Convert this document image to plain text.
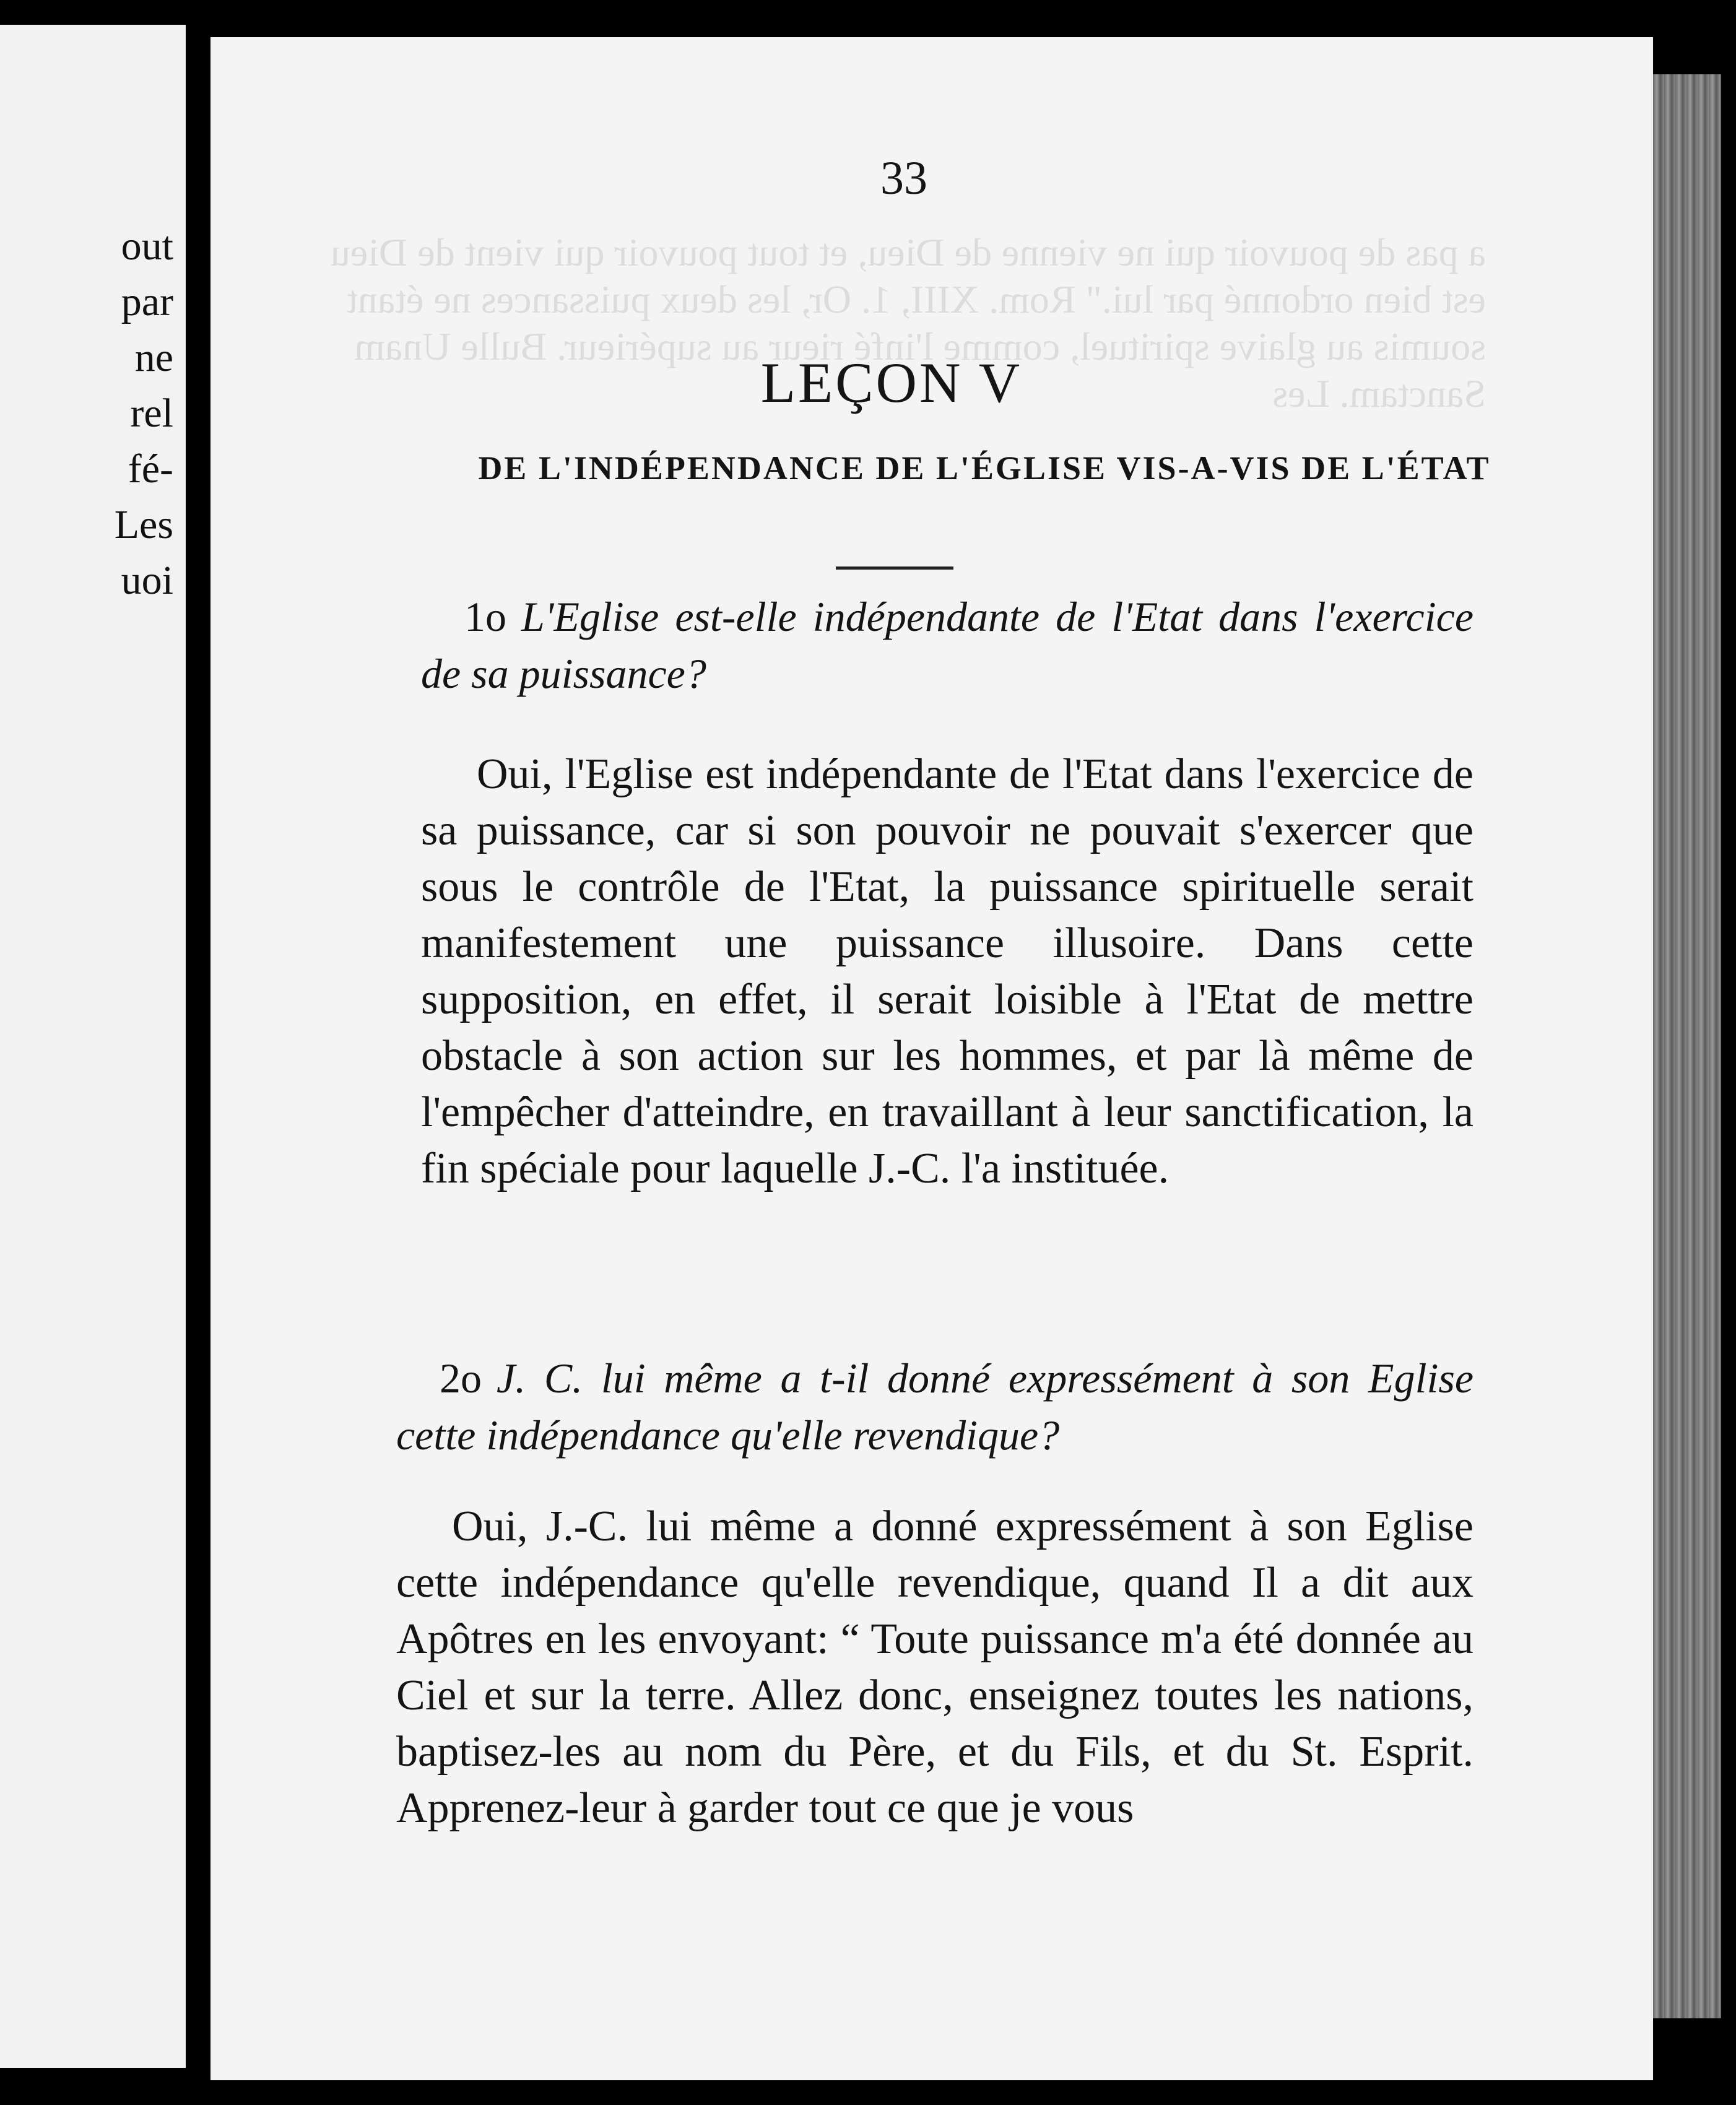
out
par
ne
rel
fé-
Les
uoi
a pas de pouvoir qui ne vienne de Dieu, et tout pouvoir qui vient de Dieu est bien ordonné par lui." Rom. XIII, 1. Or, les deux puissances ne étant soumis au glaive spirituel, comme l'infé rieur au supérieur. Bulle Unam Sanctam. Les
33
LEÇON V
DE L'INDÉPENDANCE DE L'ÉGLISE VIS-A-VIS DE L'ÉTAT
1o L'Eglise est-elle indépendante de l'Etat dans l'exercice de sa puissance?
Oui, l'Eglise est indépendante de l'Etat dans l'exercice de sa puissance, car si son pouvoir ne pouvait s'exercer que sous le contrôle de l'Etat, la puissance spirituelle serait manifestement une puissance illusoire. Dans cette supposition, en effet, il serait loisible à l'Etat de mettre obstacle à son action sur les hommes, et par là même de l'empêcher d'atteindre, en travaillant à leur sanctification, la fin spéciale pour laquelle J.-C. l'a instituée.
2o J. C. lui même a t-il donné expressément à son Eglise cette indépendance qu'elle revendique?
Oui, J.-C. lui même a donné expressément à son Eglise cette indépendance qu'elle revendique, quand Il a dit aux Apôtres en les envoyant: “ Toute puissance m'a été donnée au Ciel et sur la terre. Allez donc, enseignez toutes les nations, baptisez-les au nom du Père, et du Fils, et du St. Esprit. Apprenez-leur à garder tout ce que je vous
